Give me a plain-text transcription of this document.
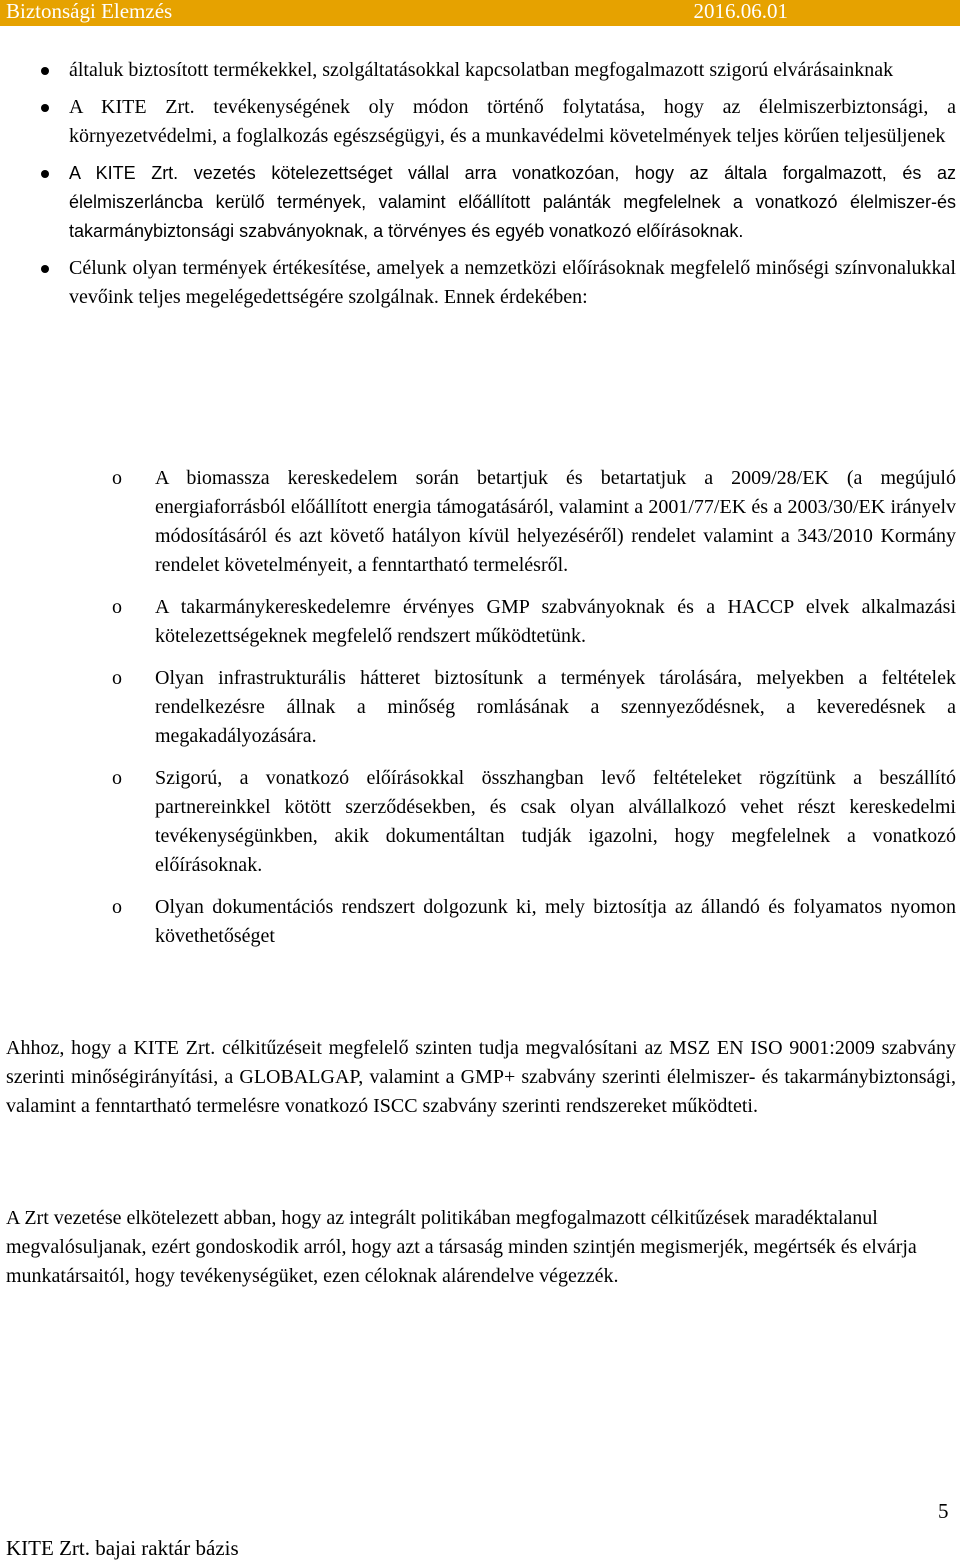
Biztonsági Elemzés	2016.06.01
általuk biztosított termékekkel, szolgáltatásokkal kapcsolatban megfogalmazott szigorú elvárásainknak
A KITE Zrt. tevékenységének oly módon történő folytatása, hogy az élelmiszerbiztonsági, a környezetvédelmi, a foglalkozás egészségügyi, és a munkavédelmi követelmények teljes körűen teljesüljenek
A KITE Zrt. vezetés kötelezettséget vállal arra vonatkozóan, hogy az általa forgalmazott, és az élelmiszerláncba kerülő termények, valamint előállított palánták megfelelnek a vonatkozó élelmiszer-és takarmánybiztonsági szabványoknak, a törvényes és egyéb vonatkozó előírásoknak.
Célunk olyan termények értékesítése, amelyek a nemzetközi előírásoknak megfelelő minőségi színvonalukkal vevőink teljes megelégedettségére szolgálnak. Ennek érdekében:
o A biomassza kereskedelem során betartjuk és betartatjuk a 2009/28/EK (a megújuló energiaforrásból előállított energia támogatásáról, valamint a 2001/77/EK és a 2003/30/EK irányelv módosításáról és azt követő hatályon kívül helyezéséről) rendelet valamint a 343/2010 Kormány rendelet követelményeit, a fenntartható termelésről.
o A takarmánykereskedelemre érvényes GMP szabványoknak és a HACCP elvek alkalmazási kötelezettségeknek megfelelő rendszert működtetünk.
o Olyan infrastrukturális hátteret biztosítunk a termények tárolására, melyekben a feltételek rendelkezésre állnak a minőség romlásának a szennyeződésnek, a keveredésnek a megakadályozására.
o Szigorú, a vonatkozó előírásokkal összhangban levő feltételeket rögzítünk a beszállító partnereinkkel kötött szerződésekben, és csak olyan alvállalkozó vehet részt kereskedelmi tevékenységünkben, akik dokumentáltan tudják igazolni, hogy megfelelnek a vonatkozó előírásoknak.
o Olyan dokumentációs rendszert dolgozunk ki, mely biztosítja az állandó és folyamatos nyomon követhetőséget
Ahhoz, hogy a KITE Zrt. célkitűzéseit megfelelő szinten tudja megvalósítani az MSZ EN ISO 9001:2009 szabvány szerinti minőségirányítási, a GLOBALGAP, valamint a GMP+ szabvány szerinti élelmiszer- és takarmánybiztonsági, valamint a fenntartható termelésre vonatkozó ISCC szabvány szerinti rendszereket működteti.
A Zrt vezetése elkötelezett abban, hogy az integrált politikában megfogalmazott célkitűzések maradéktalanul megvalósuljanak, ezért gondoskodik arról, hogy azt a társaság minden szintjén megismerjék, megértsék és elvárja munkatársaitól, hogy tevékenységüket, ezen céloknak alárendelve végezzék.
5
KITE Zrt. bajai raktár bázis
